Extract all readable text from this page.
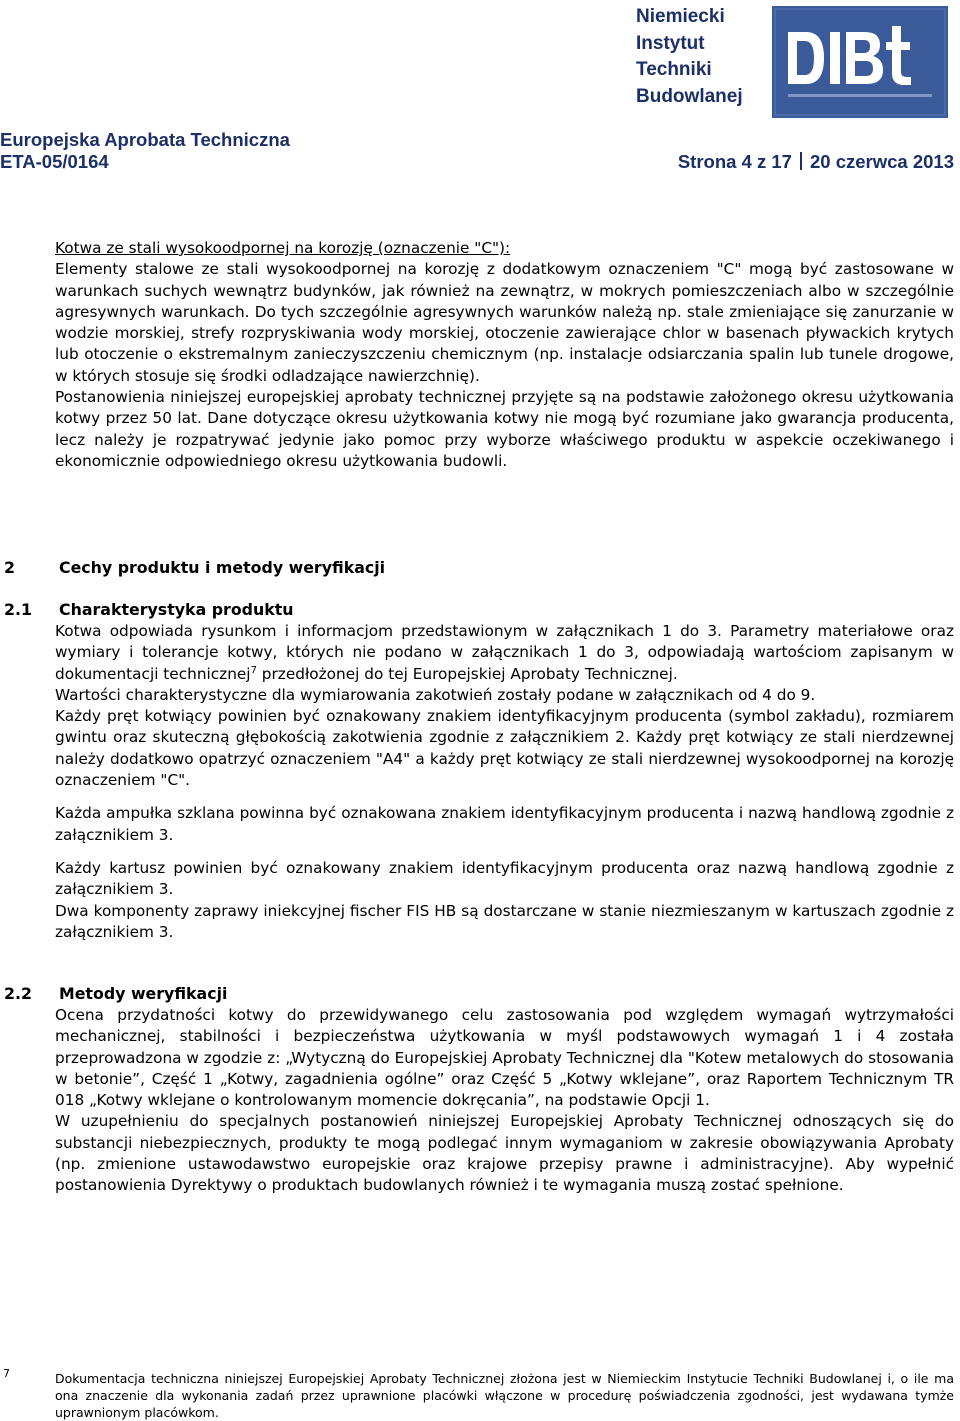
Niemiecki
Instytut
Techniki
Budowlanej
Europejska Aprobata Techniczna
ETA-05/0164	Strona 4 z 17 20 czerwca 2013

Kotwa ze stali wysokoodpornej na korozję (oznaczenie "C"):
Elementy stalowe ze stali wysokoodpornej na korozję z dodatkowym oznaczeniem "C" mogą być zastosowane w warunkach suchych wewnątrz budynków, jak również na zewnątrz, w mokrych pomieszczeniach albo w szczególnie agresywnych warunkach. Do tych szczególnie agresywnych warunków należą np. stale zmieniające się zanurzanie w wodzie morskiej, strefy rozpryskiwania wody morskiej, otoczenie zawierające chlor w basenach pływackich krytych lub otoczenie o ekstremalnym zanieczyszczeniu chemicznym (np. instalacje odsiarczania spalin lub tunele drogowe, w których stosuje się środki odladzające nawierzchnię).

Postanowienia niniejszej europejskiej aprobaty technicznej przyjęte są na podstawie założonego okresu użytkowania kotwy przez 50 lat. Dane dotyczące okresu użytkowania kotwy nie mogą być rozumiane jako gwarancja producenta, lecz należy je rozpatrywać jedynie jako pomoc przy wyborze właściwego produktu w aspekcie oczekiwanego i ekonomicznie odpowiedniego okresu użytkowania budowli.

2	Cechy produktu i metody weryfikacji
2.1 Charakterystyka produktu

Kotwa odpowiada rysunkom i informacjom przedstawionym w załącznikach 1 do 3. Parametry materiałowe oraz wymiary i tolerancje kotwy, których nie podano w załącznikach 1 do 3, odpowiadają wartościom zapisanym w dokumentacji technicznej$^7$ przedłożonej do tej Europejskiej Aprobaty Technicznej.

Wartości charakterystyczne dla wymiarowania zakotwień zostały podane w załącznikach od 4 do 9.

Każdy pręt kotwiący powinien być oznakowany znakiem identyfikacyjnym producenta (symbol zakładu), rozmiarem gwintu oraz skuteczną głębokością zakotwienia zgodnie z załącznikiem 2. Każdy pręt kotwiący ze stali nierdzewnej należy dodatkowo opatrzyć oznaczeniem "A4" a każdy pręt kotwiący ze stali nierdzewnej wysokoodpornej na korozję oznaczeniem "C".

Każda ampułka szklana powinna być oznakowana znakiem identyfikacyjnym producenta i nazwą handlową zgodnie z załącznikiem 3.

Każdy kartusz powinien być oznakowany znakiem identyfikacyjnym producenta oraz nazwą handlową zgodnie z załącznikiem 3.

Dwa komponenty zaprawy iniekcyjnej fischer FIS HB są dostarczane w stanie niezmieszanym w kartuszach zgodnie z załącznikiem 3.

2.2 Metody weryfikacji

Ocena przydatności kotwy do przewidywanego celu zastosowania pod względem wymagań wytrzymałości mechanicznej, stabilności i bezpieczeństwa użytkowania w myśl podstawowych wymagań 1 i 4 została przeprowadzona w zgodzie z: „Wytyczną do Europejskiej Aprobaty Technicznej dla "Kotew metalowych do stosowania w betonie”, Część 1 „Kotwy, zagadnienia ogólne” oraz Część 5 „Kotwy wklejane”, oraz Raportem Technicznym TR 018 „Kotwy wklejane o kontrolowanym momencie dokręcania”, na podstawie Opcji 1.

W uzupełnieniu do specjalnych postanowień niniejszej Europejskiej Aprobaty Technicznej odnoszących się do substancji niebezpiecznych, produkty te mogą podlegać innym wymaganiom w zakresie obowiązywania Aprobaty (np. zmienione ustawodawstwo europejskie oraz krajowe przepisy prawne i administracyjne). Aby wypełnić postanowienia Dyrektywy o produktach budowlanych również i te wymagania muszą zostać spełnione.

7	Dokumentacja techniczna niniejszej Europejskiej Aprobaty Technicznej złożona jest w Niemieckim Instytucie Techniki Budowlanej i, o ile ma ona znaczenie dla wykonania zadań przez uprawnione placówki włączone w procedurę poświadczenia zgodności, jest wydawana tymże uprawnionym placówkom.
